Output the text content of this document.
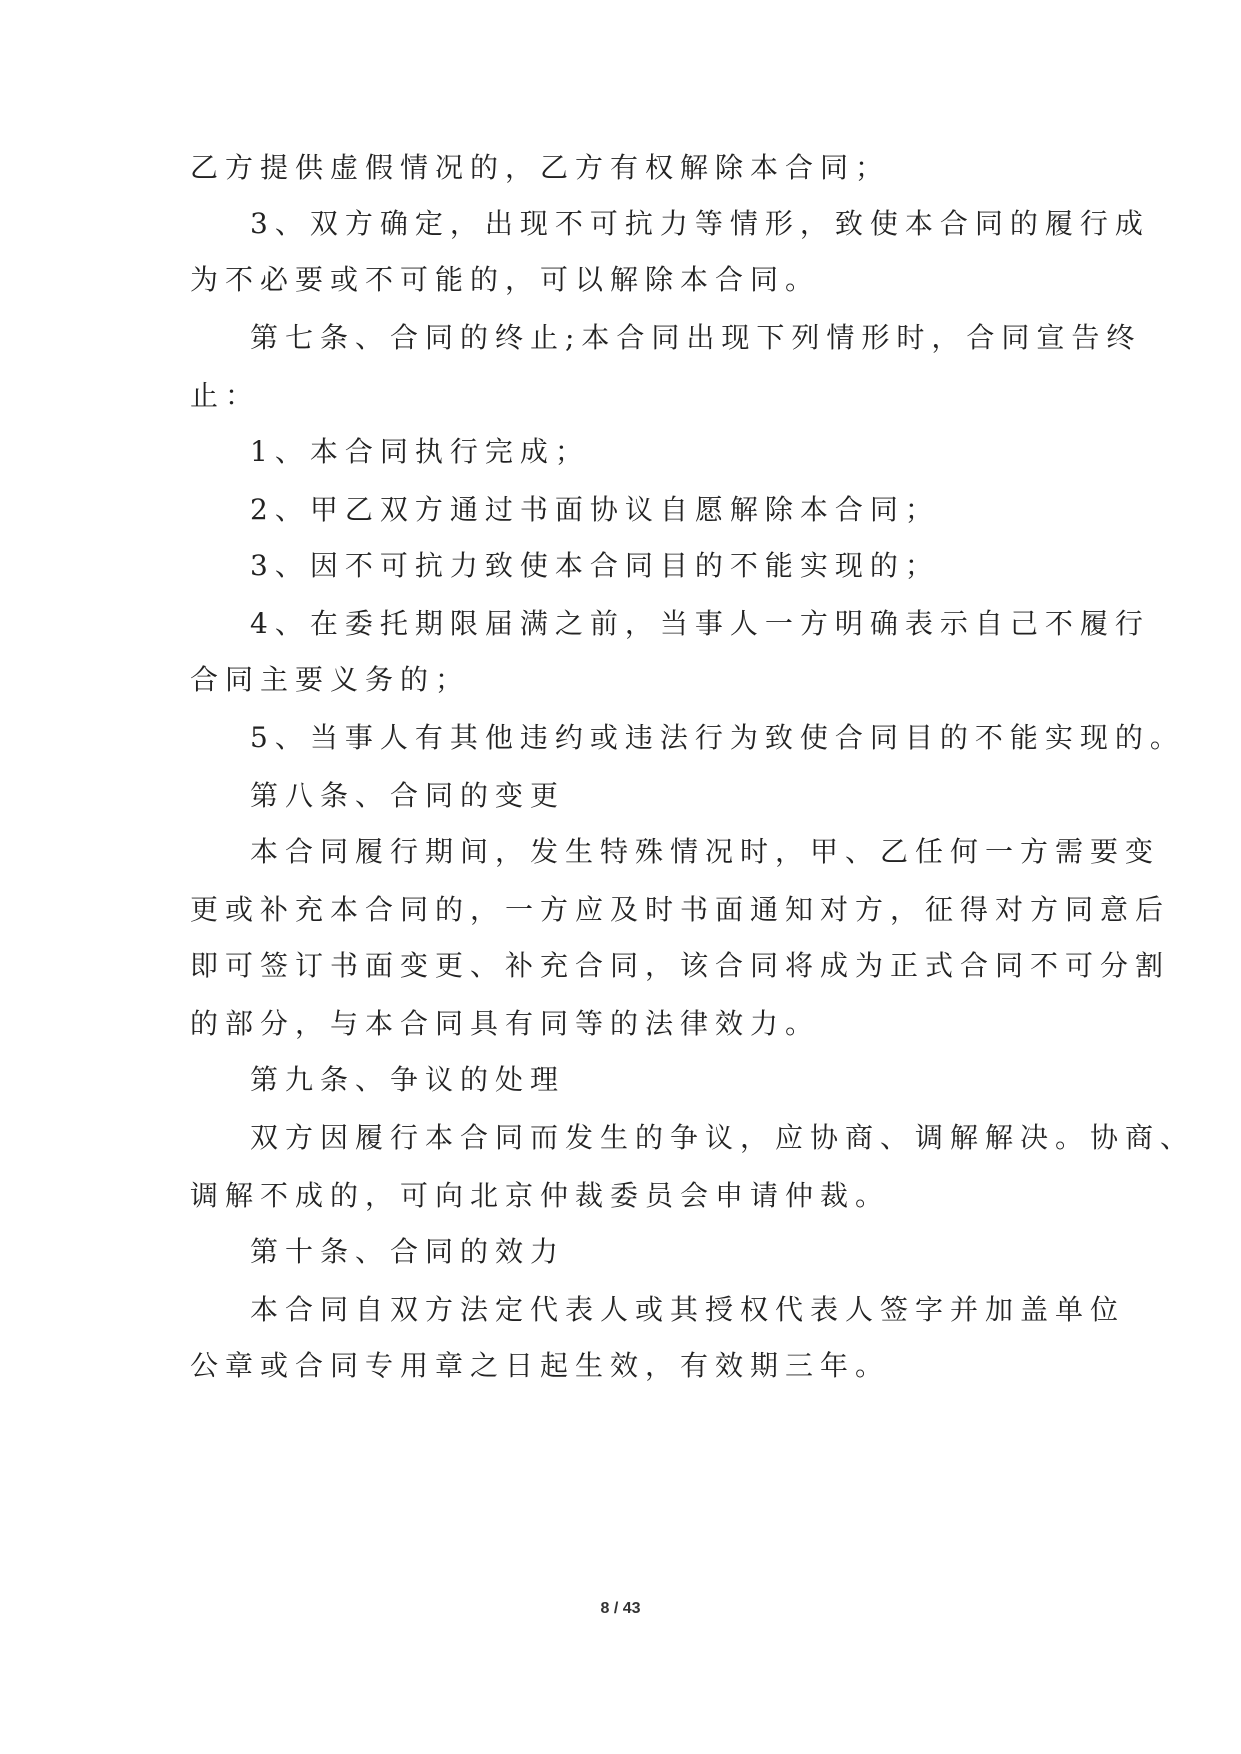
乙方提供虚假情况的，乙方有权解除本合同；
3、双方确定，出现不可抗力等情形，致使本合同的履行成
为不必要或不可能的，可以解除本合同。
第七条、合同的终止;本合同出现下列情形时，合同宣告终
止：
1、本合同执行完成；
2、甲乙双方通过书面协议自愿解除本合同；
3、因不可抗力致使本合同目的不能实现的；
4、在委托期限届满之前，当事人一方明确表示自己不履行
合同主要义务的；
5、当事人有其他违约或违法行为致使合同目的不能实现的。
第八条、合同的变更
本合同履行期间，发生特殊情况时，甲、乙任何一方需要变
更或补充本合同的，一方应及时书面通知对方，征得对方同意后
即可签订书面变更、补充合同，该合同将成为正式合同不可分割
的部分，与本合同具有同等的法律效力。
第九条、争议的处理
双方因履行本合同而发生的争议，应协商、调解解决。协商、
调解不成的，可向北京仲裁委员会申请仲裁。
第十条、合同的效力
本合同自双方法定代表人或其授权代表人签字并加盖单位
公章或合同专用章之日起生效，有效期三年。
8 / 43
